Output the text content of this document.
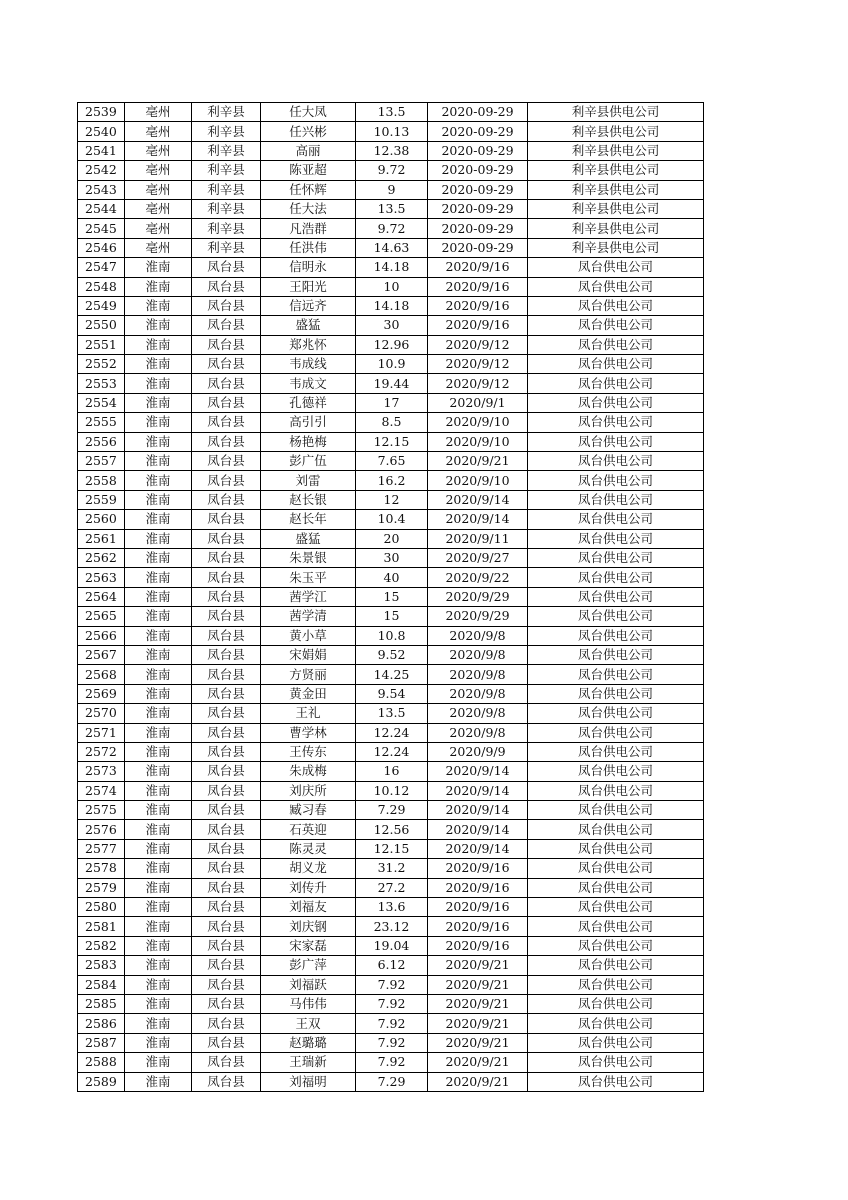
2539	亳州	利辛县	任大凤	13.5	2020-09-29	利辛县供电公司
2540	亳州	利辛县	任兴彬	10.13	2020-09-29	利辛县供电公司
2541	亳州	利辛县	高丽	12.38	2020-09-29	利辛县供电公司
2542	亳州	利辛县	陈亚超	9.72	2020-09-29	利辛县供电公司
2543	亳州	利辛县	任怀辉	9	2020-09-29	利辛县供电公司
2544	亳州	利辛县	任大法	13.5	2020-09-29	利辛县供电公司
2545	亳州	利辛县	凡浩群	9.72	2020-09-29	利辛县供电公司
2546	亳州	利辛县	任洪伟	14.63	2020-09-29	利辛县供电公司
2547	淮南	凤台县	信明永	14.18	2020/9/16	凤台供电公司
2548	淮南	凤台县	王阳光	10	2020/9/16	凤台供电公司
2549	淮南	凤台县	信远齐	14.18	2020/9/16	凤台供电公司
2550	淮南	凤台县	盛猛	30	2020/9/16	凤台供电公司
2551	淮南	凤台县	郑兆怀	12.96	2020/9/12	凤台供电公司
2552	淮南	凤台县	韦成线	10.9	2020/9/12	凤台供电公司
2553	淮南	凤台县	韦成文	19.44	2020/9/12	凤台供电公司
2554	淮南	凤台县	孔德祥	17	2020/9/1	凤台供电公司
2555	淮南	凤台县	高引引	8.5	2020/9/10	凤台供电公司
2556	淮南	凤台县	杨艳梅	12.15	2020/9/10	凤台供电公司
2557	淮南	凤台县	彭广伍	7.65	2020/9/21	凤台供电公司
2558	淮南	凤台县	刘雷	16.2	2020/9/10	凤台供电公司
2559	淮南	凤台县	赵长银	12	2020/9/14	凤台供电公司
2560	淮南	凤台县	赵长年	10.4	2020/9/14	凤台供电公司
2561	淮南	凤台县	盛猛	20	2020/9/11	凤台供电公司
2562	淮南	凤台县	朱景银	30	2020/9/27	凤台供电公司
2563	淮南	凤台县	朱玉平	40	2020/9/22	凤台供电公司
2564	淮南	凤台县	茜学江	15	2020/9/29	凤台供电公司
2565	淮南	凤台县	茜学清	15	2020/9/29	凤台供电公司
2566	淮南	凤台县	黄小草	10.8	2020/9/8	凤台供电公司
2567	淮南	凤台县	宋娟娟	9.52	2020/9/8	凤台供电公司
2568	淮南	凤台县	方贤丽	14.25	2020/9/8	凤台供电公司
2569	淮南	凤台县	黄金田	9.54	2020/9/8	凤台供电公司
2570	淮南	凤台县	王礼	13.5	2020/9/8	凤台供电公司
2571	淮南	凤台县	曹学林	12.24	2020/9/8	凤台供电公司
2572	淮南	凤台县	王传东	12.24	2020/9/9	凤台供电公司
2573	淮南	凤台县	朱成梅	16	2020/9/14	凤台供电公司
2574	淮南	凤台县	刘庆所	10.12	2020/9/14	凤台供电公司
2575	淮南	凤台县	臧习春	7.29	2020/9/14	凤台供电公司
2576	淮南	凤台县	石英迎	12.56	2020/9/14	凤台供电公司
2577	淮南	凤台县	陈灵灵	12.15	2020/9/14	凤台供电公司
2578	淮南	凤台县	胡义龙	31.2	2020/9/16	凤台供电公司
2579	淮南	凤台县	刘传升	27.2	2020/9/16	凤台供电公司
2580	淮南	凤台县	刘福友	13.6	2020/9/16	凤台供电公司
2581	淮南	凤台县	刘庆钢	23.12	2020/9/16	凤台供电公司
2582	淮南	凤台县	宋家磊	19.04	2020/9/16	凤台供电公司
2583	淮南	凤台县	彭广萍	6.12	2020/9/21	凤台供电公司
2584	淮南	凤台县	刘福跃	7.92	2020/9/21	凤台供电公司
2585	淮南	凤台县	马伟伟	7.92	2020/9/21	凤台供电公司
2586	淮南	凤台县	王双	7.92	2020/9/21	凤台供电公司
2587	淮南	凤台县	赵璐璐	7.92	2020/9/21	凤台供电公司
2588	淮南	凤台县	王瑞新	7.92	2020/9/21	凤台供电公司
2589	淮南	凤台县	刘福明	7.29	2020/9/21	凤台供电公司
